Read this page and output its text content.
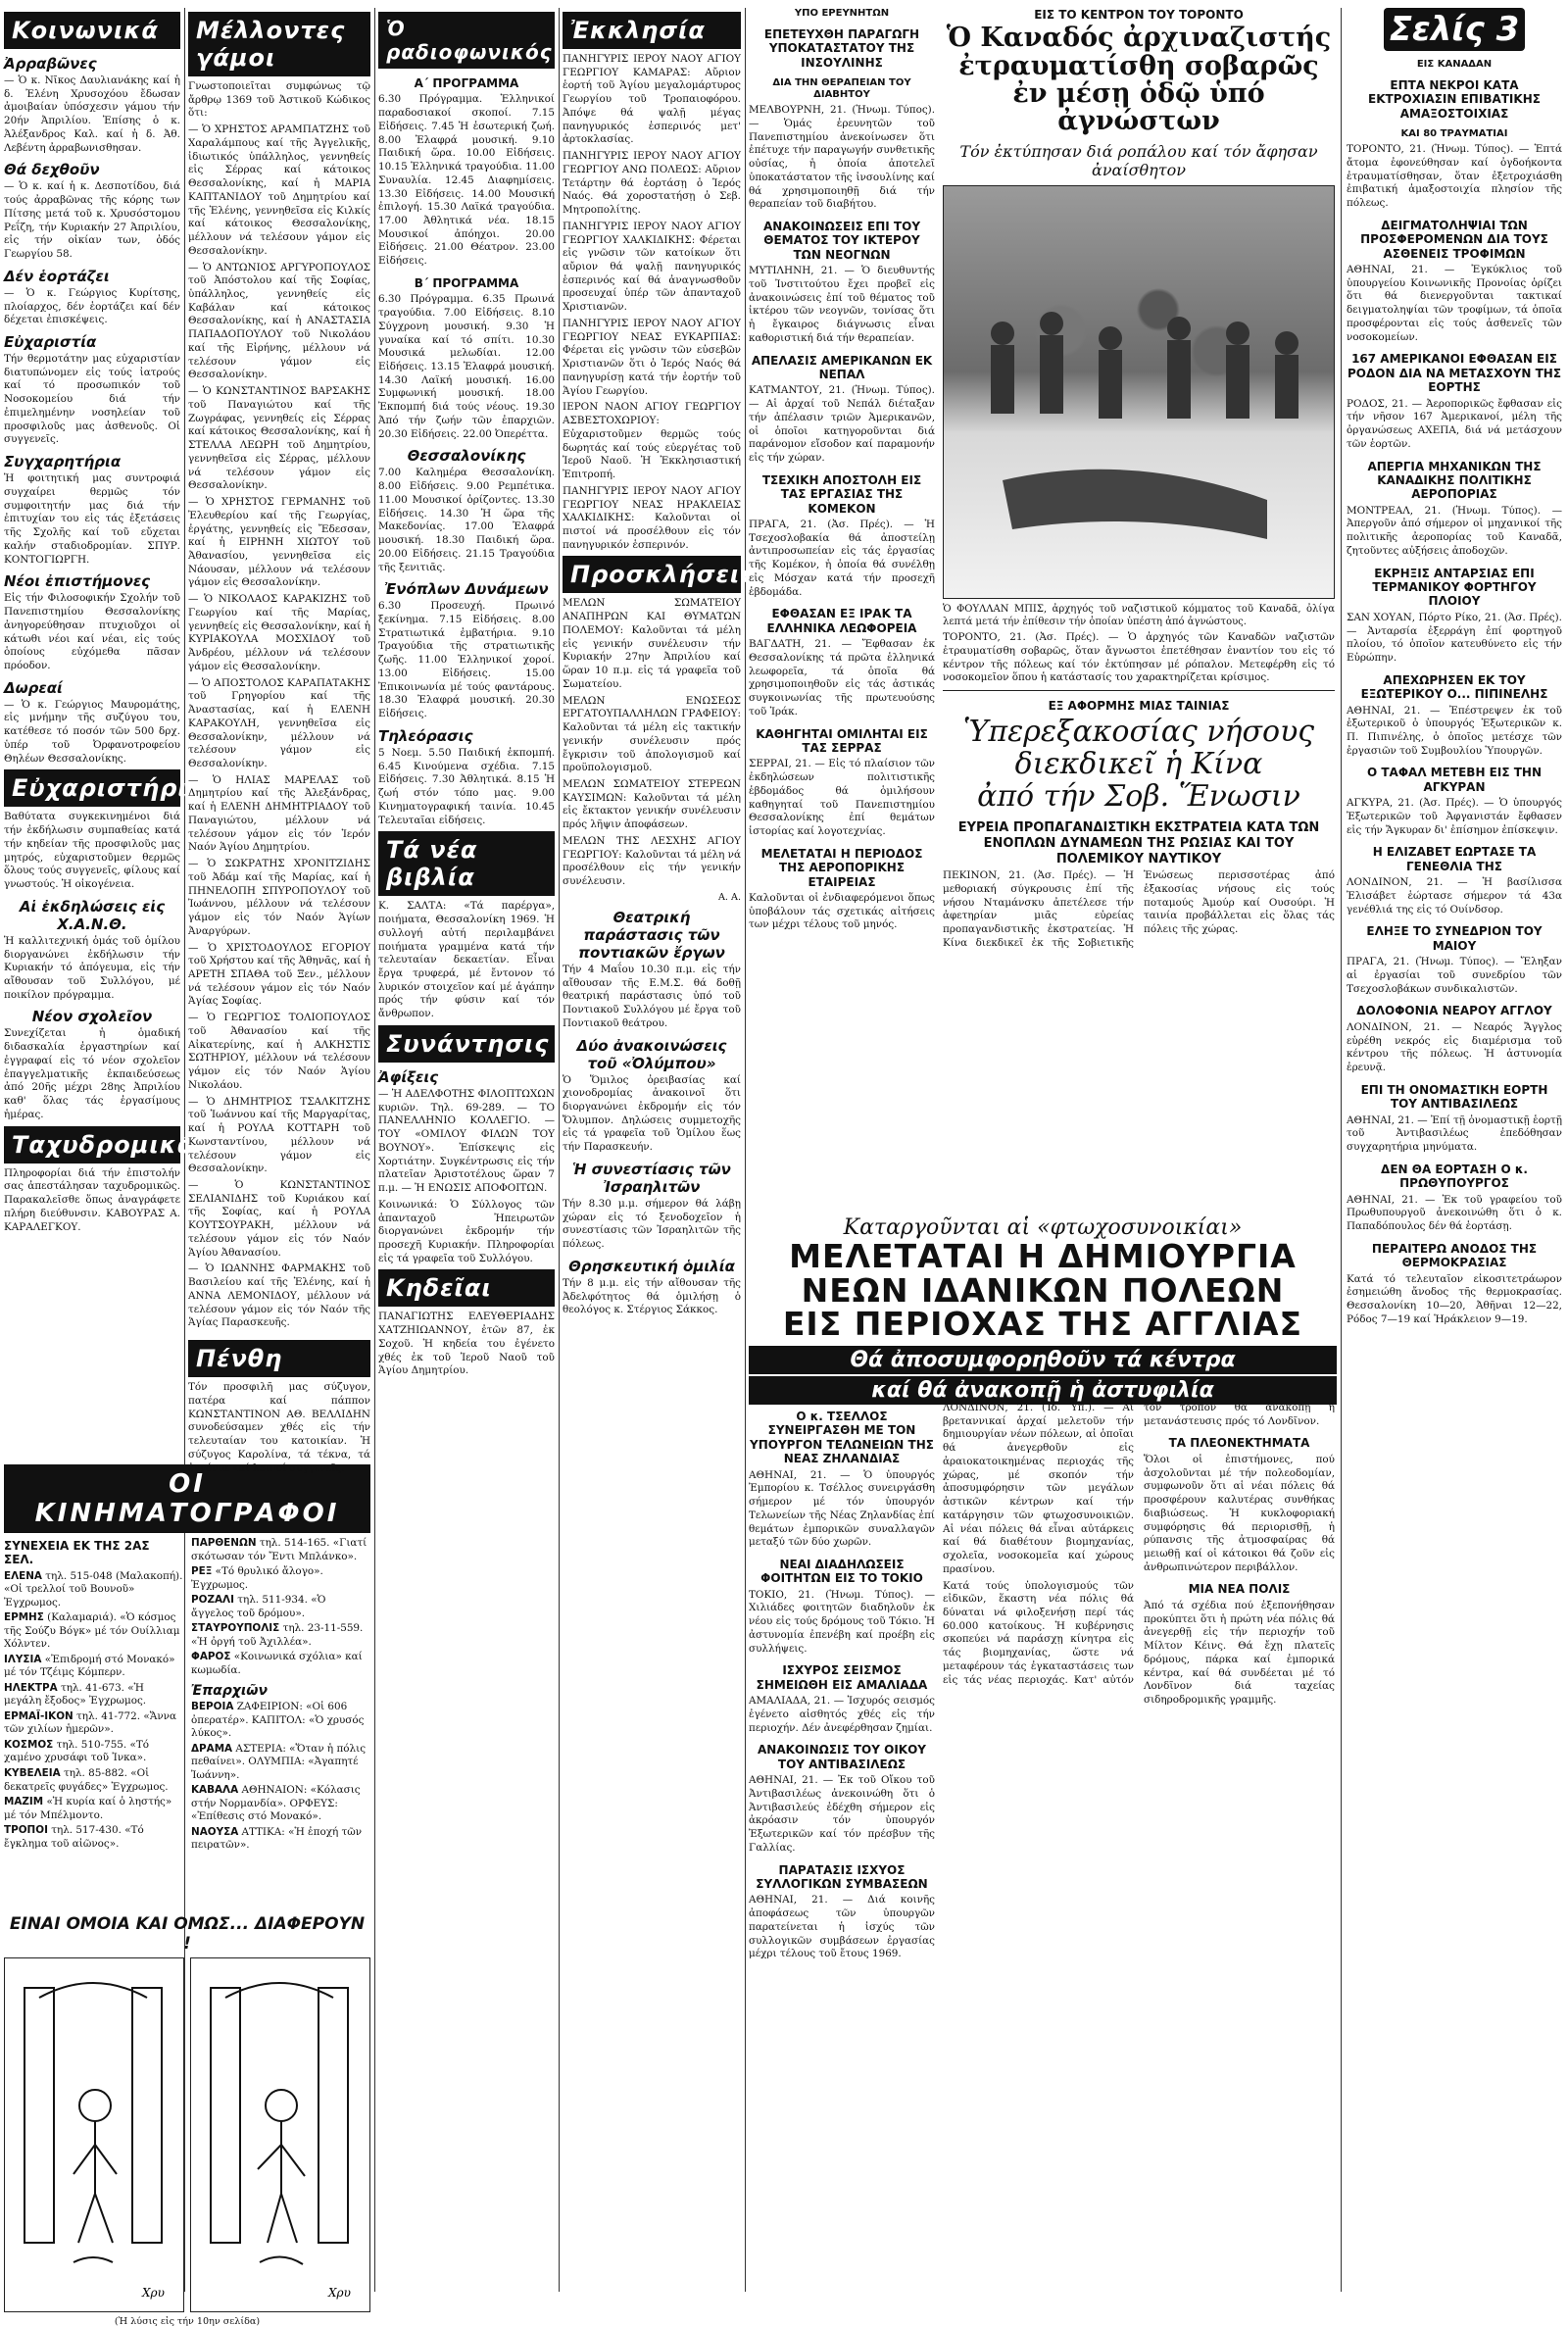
Κοινωνικά
Ἀρραβῶνες

— Ὁ κ. Νῖκος Δαυλιανάκης καί ἡ δ. Ἐλένη Χρυσοχόου ἔδωσαν ἀμοιβαίαν ὑπόσχεσιν γάμου τήν 20ήν Ἀπριλίου. Ἐπίσης ὁ κ. Ἀλέξανδρος Καλ. καί ἡ δ. Ἀθ. Λεβέντη ἀρραβωνισθησαν.

Θά δεχθοῦν

— Ὁ κ. καί ἡ κ. Δεσποτίδου, διά τούς ἀρραβῶνας τῆς κόρης των Πίτσης μετά τοῦ κ. Χρυσόστομου Ρεΐζη, τήν Κυριακήν 27 Ἀπριλίου, εἰς τήν οἰκίαν των, ὁδός Γεωργίου 58.

Δέν ἑορτάζει

— Ὁ κ. Γεώργιος Κυρίτσης, πλοίαρχος, δέν ἑορτάζει καί δέν δέχεται ἐπισκέψεις.

Εὐχαριστία

Τήν θερμοτάτην μας εὐχαριστίαν διατυπώνομεν εἰς τούς ἰατρούς καί τό προσωπικόν τοῦ Νοσοκομείου διά τήν ἐπιμελημένην νοσηλείαν τοῦ προσφιλοῦς μας ἀσθενοῦς. Οἱ συγγενεῖς.

Συγχαρητήρια

Ἡ φοιτητική μας συντροφιά συγχαίρει θερμῶς τόν συμφοιτητήν μας διά τήν ἐπιτυχίαν του εἰς τάς ἐξετάσεις τῆς Σχολῆς καί τοῦ εὔχεται καλήν σταδιοδρομίαν. ΣΠΥΡ. ΚΟΝΤΟΓΙΩΡΓΗ.

Νέοι ἐπιστήμονες

Εἰς τήν Φιλοσοφικήν Σχολήν τοῦ Πανεπιστημίου Θεσσαλονίκης ἀνηγορεύθησαν πτυχιοῦχοι οἱ κάτωθι νέοι καί νέαι, εἰς τούς ὁποίους εὐχόμεθα πᾶσαν πρόοδον.

Δωρεαί

— Ὁ κ. Γεώργιος Μαυρομάτης, εἰς μνήμην τῆς συζύγου του, κατέθεσε τό ποσόν τῶν 500 δρχ. ὑπέρ τοῦ Ὀρφανοτροφείου Θηλέων Θεσσαλονίκης.

Εὐχαριστήρια

Βαθύτατα συγκεκινημένοι διά τήν ἐκδήλωσιν συμπαθείας κατά τήν κηδείαν τῆς προσφιλοῦς μας μητρός, εὐχαριστοῦμεν θερμῶς ὅλους τούς συγγενεῖς, φίλους καί γνωστούς. Ἡ οἰκογένεια.

Αἱ ἐκδηλώσεις εἰς Χ.Α.Ν.Θ.

Ἡ καλλιτεχνική ὁμάς τοῦ ὁμίλου διοργανώνει ἐκδήλωσιν τήν Κυριακήν τό ἀπόγευμα, εἰς τήν αἴθουσαν τοῦ Συλλόγου, μέ ποικίλον πρόγραμμα.

Νέον σχολεῖον

Συνεχίζεται ἡ ὁμαδική διδασκαλία ἐργαστηρίων καί ἐγγραφαί εἰς τό νέον σχολεῖον ἐπαγγελματικῆς ἐκπαιδεύσεως ἀπό 20ῆς μέχρι 28ης Ἀπριλίου καθ' ὅλας τάς ἐργασίμους ἡμέρας.

Ταχυδρομικά

Πληροφορίαι διά τήν ἐπιστολήν σας ἀπεστάλησαν ταχυδρομικῶς. Παρακαλεῖσθε ὅπως ἀναγράφετε πλήρη διεύθυνσιν. ΚΑΒΟΥΡΑΣ Α. ΚΑΡΑΛΕΓΚΟΥ.

ΟΙ ΚΙΝΗΜΑΤΟΓΡΑΦΟΙ
ΣΥΝΕΧΕΙΑ ΕΚ ΤΗΣ 2ΑΣ ΣΕΛ.
ΕΛΕΝΑ τηλ. 515-048 (Μαλακοπή). «Οἱ τρελλοί τοῦ Βουνοῦ» Ἐγχρωμος.
ΕΡΜΗΣ (Καλαμαριά). «Ὁ κόσμος τῆς Σούζυ Βόγκ» μέ τόν Ουίλλιαμ Χόλντεν.
ΙΛΥΣΙΑ «Ἐπιδρομή στό Μονακό» μέ τόν Τζέιμς Κόμπερν.
ΗΛΕΚΤΡΑ τηλ. 41-673. «Ἡ μεγάλη ἔξοδος» Ἐγχρωμος.
ΕΡΜΑΪ-ΙΚΟΝ τηλ. 41-772. «Ἄννα τῶν χιλίων ἡμερῶν».
ΚΟΣΜΟΣ τηλ. 510-755. «Τό χαμένο χρυσάφι τοῦ Ἰνκα».
ΚΥΒΕΛΕΙΑ τηλ. 85-882. «Οἱ δεκατρεῖς φυγάδες» Ἐγχρωμος.
ΜΑΖΙΜ «Ἡ κυρία καί ὁ ληστής» μέ τόν Μπέλμοντο.
ΤΡΟΠΟΙ τηλ. 517-430. «Τό ἔγκλημα τοῦ αἰῶνος».
ΠΑΡΘΕΝΩΝ τηλ. 514-165. «Γιατί σκότωσαν τόν Ἔντι Μπλάνκο».
ΡΕΞ «Τό θρυλικό ἄλογο». Ἐγχρωμος.
ΡΟΖΑΛΙ τηλ. 511-934. «Ὁ ἄγγελος τοῦ δρόμου».
ΣΤΑΥΡΟΥΠΟΛΙΣ τηλ. 23-11-559. «Ἡ ὀργή τοῦ Ἀχιλλέα».
ΦΑΡΟΣ «Κοινωνικά σχόλια» καί κωμωδία.
Ἐπαρχιῶν
ΒΕΡΟΙΑ ΖΑΦΕΙΡΙΟΝ: «Οἱ 606 ὀπερατέρ». ΚΑΠΙΤΟΛ: «Ὁ χρυσός λύκος».
ΔΡΑΜΑ ΑΣΤΕΡΙΑ: «Ὅταν ἡ πόλις πεθαίνει». ΟΛΥΜΠΙΑ: «Ἀγαπητέ Ἰωάννη».
ΚΑΒΑΛΑ ΑΘΗΝΑΙΟΝ: «Κόλασις στήν Νορμανδία». ΟΡΦΕΥΣ: «Ἐπίθεσις στό Μονακό».
ΝΑΟΥΣΑ ΑΤΤΙΚΑ: «Ἡ ἐποχή τῶν πειρατῶν».
ΕΙΝΑΙ ΟΜΟΙΑ ΚΑΙ ΟΜΩΣ... ΔΙΑΦΕΡΟΥΝ !
Χρυ	Χρυ
(Ἡ λύσις εἰς τήν 10ην σελίδα)
Μέλλοντες γάμοι

Γνωστοποιεῖται συμφώνως τῷ ἄρθρῳ 1369 τοῦ Ἀστικοῦ Κώδικος ὅτι:

— Ὁ ΧΡΗΣΤΟΣ ΑΡΑΜΠΑΤΖΗΣ τοῦ Χαραλάμπους καί τῆς Ἀγγελικῆς, ἰδιωτικός ὑπάλληλος, γεννηθείς εἰς Σέρρας καί κάτοικος Θεσσαλονίκης, καί ἡ ΜΑΡΙΑ ΚΑΠΤΑΝΙΔΟΥ τοῦ Δημητρίου καί τῆς Ἑλένης, γεννηθεῖσα εἰς Κιλκίς καί κάτοικος Θεσσαλονίκης, μέλλουν νά τελέσουν γάμον εἰς Θεσσαλονίκην.

— Ὁ ΑΝΤΩΝΙΟΣ ΑΡΓΥΡΟΠΟΥΛΟΣ τοῦ Ἀπόστολου καί τῆς Σοφίας, ὑπάλληλος, γεννηθείς εἰς Καβάλαν καί κάτοικος Θεσσαλονίκης, καί ἡ ΑΝΑΣΤΑΣΙΑ ΠΑΠΑΔΟΠΟΥΛΟΥ τοῦ Νικολάου καί τῆς Εἰρήνης, μέλλουν νά τελέσουν γάμον εἰς Θεσσαλονίκην.

— Ὁ ΚΩΝΣΤΑΝΤΙΝΟΣ ΒΑΡΣΑΚΗΣ τοῦ Παναγιώτου καί τῆς Ζωγράφας, γεννηθείς εἰς Σέρρας καί κάτοικος Θεσσαλονίκης, καί ἡ ΣΤΕΛΛΑ ΛΕΩΡΗ τοῦ Δημητρίου, γεννηθεῖσα εἰς Σέρρας, μέλλουν νά τελέσουν γάμον εἰς Θεσσαλονίκην.

— Ὁ ΧΡΗΣΤΟΣ ΓΕΡΜΑΝΗΣ τοῦ Ἐλευθερίου καί τῆς Γεωργίας, ἐργάτης, γεννηθείς εἰς Ἔδεσσαν, καί ἡ ΕΙΡΗΝΗ ΧΙΩΤΟΥ τοῦ Ἀθανασίου, γεννηθεῖσα εἰς Νάουσαν, μέλλουν νά τελέσουν γάμον εἰς Θεσσαλονίκην.

— Ὁ ΝΙΚΟΛΑΟΣ ΚΑΡΑΚΙΖΗΣ τοῦ Γεωργίου καί τῆς Μαρίας, γεννηθείς εἰς Θεσσαλονίκην, καί ἡ ΚΥΡΙΑΚΟΥΛΑ ΜΟΣΧΙΔΟΥ τοῦ Ἀνδρέου, μέλλουν νά τελέσουν γάμον εἰς Θεσσαλονίκην.

— Ὁ ΑΠΟΣΤΟΛΟΣ ΚΑΡΑΠΑΤΑΚΗΣ τοῦ Γρηγορίου καί τῆς Ἀναστασίας, καί ἡ ΕΛΕΝΗ ΚΑΡΑΚΟΥΛΗ, γεννηθεῖσα εἰς Θεσσαλονίκην, μέλλουν νά τελέσουν γάμον εἰς Θεσσαλονίκην.

— Ὁ ΗΛΙΑΣ ΜΑΡΕΛΑΣ τοῦ Δημητρίου καί τῆς Ἀλεξάνδρας, καί ἡ ΕΛΕΝΗ ΔΗΜΗΤΡΙΑΔΟΥ τοῦ Παναγιώτου, μέλλουν νά τελέσουν γάμον εἰς τόν Ἱερόν Ναόν Ἁγίου Δημητρίου.

— Ὁ ΣΩΚΡΑΤΗΣ ΧΡΟΝΙΤΖΙΔΗΣ τοῦ Ἀδάμ καί τῆς Μαρίας, καί ἡ ΠΗΝΕΛΟΠΗ ΣΠΥΡΟΠΟΥΛΟΥ τοῦ Ἰωάννου, μέλλουν νά τελέσουν γάμον εἰς τόν Ναόν Ἁγίων Ἀναργύρων.

— Ὁ ΧΡΙΣΤΟΔΟΥΛΟΣ ΕΓΟΡΙΟΥ τοῦ Χρήστου καί τῆς Ἀθηνᾶς, καί ἡ ΑΡΕΤΗ ΣΠΑΘΑ τοῦ Ξεν., μέλλουν νά τελέσουν γάμον εἰς τόν Ναόν Ἁγίας Σοφίας.

— Ὁ ΓΕΩΡΓΙΟΣ ΤΟΛΙΟΠΟΥΛΟΣ τοῦ Ἀθανασίου καί τῆς Αἰκατερίνης, καί ἡ ΑΛΚΗΣΤΙΣ ΣΩΤΗΡΙΟΥ, μέλλουν νά τελέσουν γάμον εἰς τόν Ναόν Ἁγίου Νικολάου.

— Ὁ ΔΗΜΗΤΡΙΟΣ ΤΣΑΛΚΙΤΖΗΣ τοῦ Ἰωάννου καί τῆς Μαργαρίτας, καί ἡ ΡΟΥΛΑ ΚΟΤΤΑΡΗ τοῦ Κωνσταντίνου, μέλλουν νά τελέσουν γάμον εἰς Θεσσαλονίκην.

— Ὁ ΚΩΝΣΤΑΝΤΙΝΟΣ ΣΕΛΙΑΝΙΔΗΣ τοῦ Κυριάκου καί τῆς Σοφίας, καί ἡ ΡΟΥΛΑ ΚΟΥΤΣΟΥΡΑΚΗ, μέλλουν νά τελέσουν γάμον εἰς τόν Ναόν Ἁγίου Ἀθανασίου.

— Ὁ ΙΩΑΝΝΗΣ ΦΑΡΜΑΚΗΣ τοῦ Βασιλείου καί τῆς Ἑλένης, καί ἡ ΑΝΝΑ ΛΕΜΟΝΙΔΟΥ, μέλλουν νά τελέσουν γάμον εἰς τόν Ναόν τῆς Ἁγίας Παρασκευῆς.

Πένθη

Τόν προσφιλῆ μας σύζυγον, πατέρα καί πάππον ΚΩΝΣΤΑΝΤΙΝΟΝ ΑΘ. ΒΕΛΛΙΔΗΝ συνοδεύσαμεν χθές εἰς τήν τελευταίαν του κατοικίαν. Ἡ σύζυγος Καρολίνα, τά τέκνα, τά ἐγγόνια καί λοιποί συγγενεῖς.

Ὁ ραδιοφωνικός
Α΄ ΠΡΟΓΡΑΜΜΑ

6.30 Πρόγραμμα. Ἑλληνικοί παραδοσιακοί σκοποί. 7.15 Εἰδήσεις. 7.45 Ἡ ἐσωτερική ζωή. 8.00 Ἐλαφρά μουσική. 9.10 Παιδική ὥρα. 10.00 Εἰδήσεις. 10.15 Ἑλληνικά τραγούδια. 11.00 Συναυλία. 12.45 Διαφημίσεις. 13.30 Εἰδήσεις. 14.00 Μουσική ἐπιλογή. 15.30 Λαϊκά τραγούδια. 17.00 Ἀθλητικά νέα. 18.15 Μουσικοί ἀπόηχοι. 20.00 Εἰδήσεις. 21.00 Θέατρον. 23.00 Εἰδήσεις.

Β΄ ΠΡΟΓΡΑΜΜΑ

6.30 Πρόγραμμα. 6.35 Πρωινά τραγούδια. 7.00 Εἰδήσεις. 8.10 Σύγχρονη μουσική. 9.30 Ἡ γυναίκα καί τό σπίτι. 10.30 Μουσικά μελωδίαι. 12.00 Εἰδήσεις. 13.15 Ἐλαφρά μουσική. 14.30 Λαϊκή μουσική. 16.00 Συμφωνική μουσική. 18.00 Ἐκπομπή διά τούς νέους. 19.30 Ἀπό τήν ζωήν τῶν ἐπαρχιῶν. 20.30 Εἰδήσεις. 22.00 Ὀπερέττα.

Θεσσαλονίκης

7.00 Καλημέρα Θεσσαλονίκη. 8.00 Εἰδήσεις. 9.00 Ρεμπέτικα. 11.00 Μουσικοί ὁρίζοντες. 13.30 Εἰδήσεις. 14.30 Ἡ ὥρα τῆς Μακεδονίας. 17.00 Ἐλαφρά μουσική. 18.30 Παιδική ὥρα. 20.00 Εἰδήσεις. 21.15 Τραγούδια τῆς ξενιτιᾶς.

Ἐνόπλων Δυνάμεων

6.30 Προσευχή. Πρωινό ξεκίνημα. 7.15 Εἰδήσεις. 8.00 Στρατιωτικά ἐμβατήρια. 9.10 Τραγούδια τῆς στρατιωτικῆς ζωῆς. 11.00 Ἑλληνικοί χοροί. 13.00 Εἰδήσεις. 15.00 Ἐπικοινωνία μέ τούς φαντάρους. 18.30 Ἐλαφρά μουσική. 20.30 Εἰδήσεις.

Τηλεόρασις

5 Νοεμ. 5.50 Παιδική ἐκπομπή. 6.45 Κινούμενα σχέδια. 7.15 Εἰδήσεις. 7.30 Ἀθλητικά. 8.15 Ἡ ζωή στόν τόπο μας. 9.00 Κινηματογραφική ταινία. 10.45 Τελευταῖαι εἰδήσεις.

Τά νέα βιβλία

Κ. ΣΑΛΤΑ: «Τά παρέργα», ποιήματα, Θεσσαλονίκη 1969. Ἡ συλλογή αὐτή περιλαμβάνει ποιήματα γραμμένα κατά τήν τελευταίαν δεκαετίαν. Εἶναι ἔργα τρυφερά, μέ ἔντονον τό λυρικόν στοιχεῖον καί μέ ἀγάπην πρός τήν φύσιν καί τόν ἄνθρωπον.

Συνάντησις
Ἀφίξεις

— Ἡ ΑΔΕΛΦΟΤΗΣ ΦΙΛΟΠΤΩΧΩΝ κυριῶν. Τηλ. 69-289. — ΤΟ ΠΑΝΕΛΛΗΝΙΟ ΚΟΛΛΕΓΙΟ. — ΤΟΥ «ΟΜΙΛΟΥ ΦΙΛΩΝ ΤΟΥ ΒΟΥΝΟΥ». Ἐπίσκεψις εἰς Χορτιάτην. Συγκέντρωσις εἰς τήν πλατεῖαν Ἀριστοτέλους ὥραν 7 π.μ. — Ἡ ΕΝΩΣΙΣ ΑΠΟΦΟΙΤΩΝ.

Κοινωνικά: Ὁ Σύλλογος τῶν ἁπανταχοῦ Ἠπειρωτῶν διοργανώνει ἐκδρομήν τήν προσεχῆ Κυριακήν. Πληροφορίαι εἰς τά γραφεῖα τοῦ Συλλόγου.

Κηδεῖαι

ΠΑΝΑΓΙΩΤΗΣ ΕΛΕΥΘΕΡΙΑΔΗΣ ΧΑΤΖΗΙΩΑΝΝΟΥ, ἐτῶν 87, ἐκ Σοχοῦ. Ἡ κηδεία του ἐγένετο χθές ἐκ τοῦ Ἱεροῦ Ναοῦ τοῦ Ἁγίου Δημητρίου.

Ἐκκλησία

ΠΑΝΗΓΥΡΙΣ ΙΕΡΟΥ ΝΑΟΥ ΑΓΙΟΥ ΓΕΩΡΓΙΟΥ ΚΑΜΑΡΑΣ: Αὔριον ἑορτή τοῦ Ἁγίου μεγαλομάρτυρος Γεωργίου τοῦ Τροπαιοφόρου. Ἀπόψε θά ψαλῇ μέγας πανηγυρικός ἑσπερινός μετ' ἀρτοκλασίας.

ΠΑΝΗΓΥΡΙΣ ΙΕΡΟΥ ΝΑΟΥ ΑΓΙΟΥ ΓΕΩΡΓΙΟΥ ΑΝΩ ΠΟΛΕΩΣ: Αὔριον Τετάρτην θά ἑορτάσῃ ὁ Ἱερός Ναός. Θά χοροστατήσῃ ὁ Σεβ. Μητροπολίτης.

ΠΑΝΗΓΥΡΙΣ ΙΕΡΟΥ ΝΑΟΥ ΑΓΙΟΥ ΓΕΩΡΓΙΟΥ ΧΑΛΚΙΔΙΚΗΣ: Φέρεται εἰς γνῶσιν τῶν κατοίκων ὅτι αὔριον θά ψαλῇ πανηγυρικός ἑσπερινός καί θά ἀναγνωσθοῦν προσευχαί ὑπέρ τῶν ἀπανταχοῦ Χριστιανῶν.

ΠΑΝΗΓΥΡΙΣ ΙΕΡΟΥ ΝΑΟΥ ΑΓΙΟΥ ΓΕΩΡΓΙΟΥ ΝΕΑΣ ΕΥΚΑΡΠΙΑΣ: Φέρεται εἰς γνῶσιν τῶν εὐσεβῶν Χριστιανῶν ὅτι ὁ Ἱερός Ναός θά πανηγυρίσῃ κατά τήν ἑορτήν τοῦ Ἁγίου Γεωργίου.

ΙΕΡΟΝ ΝΑΟΝ ΑΓΙΟΥ ΓΕΩΡΓΙΟΥ ΑΣΒΕΣΤΟΧΩΡΙΟΥ: Εὐχαριστοῦμεν θερμῶς τούς δωρητάς καί τούς εὐεργέτας τοῦ Ἱεροῦ Ναοῦ. Ἡ Ἐκκλησιαστική Ἐπιτροπή.

ΠΑΝΗΓΥΡΙΣ ΙΕΡΟΥ ΝΑΟΥ ΑΓΙΟΥ ΓΕΩΡΓΙΟΥ ΝΕΑΣ ΗΡΑΚΛΕΙΑΣ ΧΑΛΚΙΔΙΚΗΣ: Καλοῦνται οἱ πιστοί νά προσέλθουν εἰς τόν πανηγυρικόν ἑσπερινόν.

Προσκλήσεις

ΜΕΛΩΝ ΣΩΜΑΤΕΙΟΥ ΑΝΑΠΗΡΩΝ ΚΑΙ ΘΥΜΑΤΩΝ ΠΟΛΕΜΟΥ: Καλοῦνται τά μέλη εἰς γενικήν συνέλευσιν τήν Κυριακήν 27ην Ἀπριλίου καί ὥραν 10 π.μ. εἰς τά γραφεῖα τοῦ Σωματείου.

ΜΕΛΩΝ ΕΝΩΣΕΩΣ ΕΡΓΑΤΟΥΠΑΛΛΗΛΩΝ ΓΡΑΦΕΙΟΥ: Καλοῦνται τά μέλη εἰς τακτικήν γενικήν συνέλευσιν πρός ἔγκρισιν τοῦ ἀπολογισμοῦ καί προϋπολογισμοῦ.

ΜΕΛΩΝ ΣΩΜΑΤΕΙΟΥ ΣΤΕΡΕΩΝ ΚΑΥΣΙΜΩΝ: Καλοῦνται τά μέλη εἰς ἔκτακτον γενικήν συνέλευσιν πρός λῆψιν ἀποφάσεων.

ΜΕΛΩΝ ΤΗΣ ΛΕΣΧΗΣ ΑΓΙΟΥ ΓΕΩΡΓΙΟΥ: Καλοῦνται τά μέλη νά προσέλθουν εἰς τήν γενικήν συνέλευσιν.

Α. Α.
Θεατρική παράστασις τῶν ποντιακῶν ἔργων

Τήν 4 Μαΐου 10.30 π.μ. εἰς τήν αἴθουσαν τῆς Ε.Μ.Σ. θά δοθῇ θεατρική παράστασις ὑπό τοῦ Ποντιακοῦ Συλλόγου μέ ἔργα τοῦ Ποντιακοῦ θεάτρου.

Δύο ἀνακοινώσεις τοῦ «Ὀλύμπου»

Ὁ Ὅμιλος ὀρειβασίας καί χιονοδρομίας ἀνακοινοῖ ὅτι διοργανώνει ἐκδρομήν εἰς τόν Ὄλυμπον. Δηλώσεις συμμετοχῆς εἰς τά γραφεῖα τοῦ Ὁμίλου ἕως τήν Παρασκευήν.

Ἡ συνεστίασις τῶν Ἰσραηλιτῶν

Τήν 8.30 μ.μ. σήμερον θά λάβῃ χώραν εἰς τό ξενοδοχεῖον ἡ συνεστίασις τῶν Ἰσραηλιτῶν τῆς πόλεως.

Θρησκευτική ὁμιλία

Τήν 8 μ.μ. εἰς τήν αἴθουσαν τῆς Ἀδελφότητος θά ὁμιλήσῃ ὁ θεολόγος κ. Στέργιος Σάκκος.

ΥΠΟ ΕΡΕΥΝΗΤΩΝ
ΕΠΕΤΕΥΧΘΗ ΠΑΡΑΓΩΓΗ ΥΠΟΚΑΤΑΣΤΑΤΟΥ ΤΗΣ ΙΝΣΟΥΛΙΝΗΣ
ΔΙΑ ΤΗΝ ΘΕΡΑΠΕΙΑΝ ΤΟΥ ΔΙΑΒΗΤΟΥ

ΜΕΛΒΟΥΡΝΗ, 21. (Ἡνωμ. Τύπος). — Ὁμάς ἐρευνητῶν τοῦ Πανεπιστημίου ἀνεκοίνωσεν ὅτι ἐπέτυχε τήν παραγωγήν συνθετικῆς οὐσίας, ἡ ὁποία ἀποτελεῖ ὑποκατάστατον τῆς ἰνσουλίνης καί θά χρησιμοποιηθῇ διά τήν θεραπείαν τοῦ διαβήτου.

ΑΝΑΚΟΙΝΩΣΕΙΣ ΕΠΙ ΤΟΥ ΘΕΜΑΤΟΣ ΤΟΥ ΙΚΤΕΡΟΥ ΤΩΝ ΝΕΟΓΝΩΝ

ΜΥΤΙΛΗΝΗ, 21. — Ὁ διευθυντής τοῦ Ἰνστιτούτου ἔχει προβεῖ εἰς ἀνακοινώσεις ἐπί τοῦ θέματος τοῦ ἰκτέρου τῶν νεογνῶν, τονίσας ὅτι ἡ ἔγκαιρος διάγνωσις εἶναι καθοριστική διά τήν θεραπείαν.

ΑΠΕΛΑΣΙΣ ΑΜΕΡΙΚΑΝΩΝ ΕΚ ΝΕΠΑΛ

ΚΑΤΜΑΝΤΟΥ, 21. (Ἡνωμ. Τύπος). — Αἱ ἀρχαί τοῦ Νεπάλ διέταξαν τήν ἀπέλασιν τριῶν Ἀμερικανῶν, οἱ ὁποῖοι κατηγοροῦνται διά παράνομον εἴσοδον καί παραμονήν εἰς τήν χώραν.

ΤΣΕΧΙΚΗ ΑΠΟΣΤΟΛΗ ΕΙΣ ΤΑΣ ΕΡΓΑΣΙΑΣ ΤΗΣ ΚΟΜΕΚΟΝ

ΠΡΑΓΑ, 21. (Ἀσ. Πρές). — Ἡ Τσεχοσλοβακία θά ἀποστείλῃ ἀντιπροσωπείαν εἰς τάς ἐργασίας τῆς Κομέκον, ἡ ὁποία θά συνέλθῃ εἰς Μόσχαν κατά τήν προσεχῆ ἑβδομάδα.

ΕΦΘΑΣΑΝ ΕΞ ΙΡΑΚ ΤΑ ΕΛΛΗΝΙΚΑ ΛΕΩΦΟΡΕΙΑ

ΒΑΓΔΑΤΗ, 21. — Ἔφθασαν ἐκ Θεσσαλονίκης τά πρῶτα ἑλληνικά λεωφορεῖα, τά ὁποῖα θά χρησιμοποιηθοῦν εἰς τάς ἀστικάς συγκοινωνίας τῆς πρωτευούσης τοῦ Ἰράκ.

ΚΑΘΗΓΗΤΑΙ ΟΜΙΛΗΤΑΙ ΕΙΣ ΤΑΣ ΣΕΡΡΑΣ

ΣΕΡΡΑΙ, 21. — Εἰς τό πλαίσιον τῶν ἐκδηλώσεων πολιτιστικῆς ἑβδομάδος θά ὁμιλήσουν καθηγηταί τοῦ Πανεπιστημίου Θεσσαλονίκης ἐπί θεμάτων ἱστορίας καί λογοτεχνίας.

ΜΕΛΕΤΑΤΑΙ Η ΠΕΡΙΟΔΟΣ ΤΗΣ ΑΕΡΟΠΟΡΙΚΗΣ ΕΤΑΙΡΕΙΑΣ

Καλοῦνται οἱ ἐνδιαφερόμενοι ὅπως ὑποβάλουν τάς σχετικάς αἰτήσεις των μέχρι τέλους τοῦ μηνός.

ΕΙΣ ΤΟ ΚΕΝΤΡΟΝ ΤΟΥ ΤΟΡΟΝΤΟ
Ὁ Καναδός ἀρχιναζιστής
ἐτραυματίσθη σοβαρῶς
ἐν μέσῃ ὁδῷ ὑπό ἀγνώστων
Τόν ἐκτύπησαν διά ροπάλου καί τόν ἄφησαν ἀναίσθητον

Ὁ ΦΟΥΛΛΑΝ ΜΠΙΣ, ἀρχηγός τοῦ ναζιστικοῦ κόμματος τοῦ Καναδᾶ, ὀλίγα λεπτά μετά τήν ἐπίθεσιν τήν ὁποίαν ὑπέστη ἀπό ἀγνώστους.

ΤΟΡΟΝΤΟ, 21. (Ἀσ. Πρές). — Ὁ ἀρχηγός τῶν Καναδῶν ναζιστῶν ἐτραυματίσθη σοβαρῶς, ὅταν ἄγνωστοι ἐπετέθησαν ἐναντίον του εἰς τό κέντρον τῆς πόλεως καί τόν ἐκτύπησαν μέ ρόπαλον. Μετεφέρθη εἰς τό νοσοκομεῖον ὅπου ἡ κατάστασίς του χαρακτηρίζεται κρίσιμος.

ΕΞ ΑΦΟΡΜΗΣ ΜΙΑΣ ΤΑΙΝΙΑΣ
Ὑπερεξακοσίας νήσους
διεκδικεῖ ἡ Κίνα
ἀπό τήν Σοβ. Ἕνωσιν
ΕΥΡΕΙΑ ΠΡΟΠΑΓΑΝΔΙΣΤΙΚΗ ΕΚΣΤΡΑΤΕΙΑ ΚΑΤΑ ΤΩΝ ΕΝΟΠΛΩΝ ΔΥΝΑΜΕΩΝ ΤΗΣ ΡΩΣΙΑΣ ΚΑΙ ΤΟΥ ΠΟΛΕΜΙΚΟΥ ΝΑΥΤΙΚΟΥ

ΠΕΚΙΝΟΝ, 21. (Ἀσ. Πρές). — Ἡ μεθοριακή σύγκρουσις ἐπί τῆς νήσου Νταμάνσκυ ἀπετέλεσε τήν ἀφετηρίαν μιᾶς εὐρείας προπαγανδιστικῆς ἐκστρατείας. Ἡ Κίνα διεκδικεῖ ἐκ τῆς Σοβιετικῆς Ἑνώσεως περισσοτέρας ἀπό ἑξακοσίας νήσους εἰς τούς ποταμούς Ἀμούρ καί Ουσούρι. Ἡ ταινία προβάλλεται εἰς ὅλας τάς πόλεις τῆς χώρας.

Καταργοῦνται αἱ «φτωχοσυνοικίαι»
ΜΕΛΕΤΑΤΑΙ Η ΔΗΜΙΟΥΡΓΙΑ
ΝΕΩΝ ΙΔΑΝΙΚΩΝ ΠΟΛΕΩΝ
ΕΙΣ ΠΕΡΙΟΧΑΣ ΤΗΣ ΑΓΓΛΙΑΣ
Θά ἀποσυμφορηθοῦν τά κέντρα
καί θά ἀνακοπῇ ἡ ἀστυφιλία
Ο κ. ΤΣΕΛΛΟΣ ΣΥΝΕΙΡΓΑΣΘΗ ΜΕ ΤΟΝ ΥΠΟΥΡΓΟΝ ΤΕΛΩΝΕΙΩΝ ΤΗΣ ΝΕΑΣ ΖΗΛΑΝΔΙΑΣ

ΑΘΗΝΑΙ, 21. — Ὁ ὑπουργός Ἐμπορίου κ. Τσέλλος συνειργάσθη σήμερον μέ τόν ὑπουργόν Τελωνείων τῆς Νέας Ζηλανδίας ἐπί θεμάτων ἐμπορικῶν συναλλαγῶν μεταξύ τῶν δύο χωρῶν.

ΝΕΑΙ ΔΙΑΔΗΛΩΣΕΙΣ ΦΟΙΤΗΤΩΝ ΕΙΣ ΤΟ ΤΟΚΙΟ

ΤΟΚΙΟ, 21. (Ἡνωμ. Τύπος). — Χιλιάδες φοιτητῶν διαδηλοῦν ἐκ νέου εἰς τούς δρόμους τοῦ Τόκιο. Ἡ ἀστυνομία ἐπενέβη καί προέβη εἰς συλλήψεις.

ΙΣΧΥΡΟΣ ΣΕΙΣΜΟΣ ΣΗΜΕΙΩΘΗ ΕΙΣ ΑΜΑΛΙΑΔΑ

ΑΜΑΛΙΑΔΑ, 21. — Ἰσχυρός σεισμός ἐγένετο αἰσθητός χθές εἰς τήν περιοχήν. Δέν ἀνεφέρθησαν ζημίαι.

ΑΝΑΚΟΙΝΩΣΙΣ ΤΟΥ ΟΙΚΟΥ ΤΟΥ ΑΝΤΙΒΑΣΙΛΕΩΣ

ΑΘΗΝΑΙ, 21. — Ἐκ τοῦ Οἴκου τοῦ Ἀντιβασιλέως ἀνεκοινώθη ὅτι ὁ Ἀντιβασιλεύς ἐδέχθη σήμερον εἰς ἀκρόασιν τόν ὑπουργόν Ἐξωτερικῶν καί τόν πρέσβυν τῆς Γαλλίας.

ΠΑΡΑΤΑΣΙΣ ΙΣΧΥΟΣ ΣΥΛΛΟΓΙΚΩΝ ΣΥΜΒΑΣΕΩΝ

ΑΘΗΝΑΙ, 21. — Διά κοινῆς ἀποφάσεως τῶν ὑπουργῶν παρατείνεται ἡ ἰσχύς τῶν συλλογικῶν συμβάσεων ἐργασίας μέχρι τέλους τοῦ ἔτους 1969.

ΛΟΝΔΙΝΟΝ, 21. (Ἰδ. Ὑπ.). — Αἱ βρεταννικαί ἀρχαί μελετοῦν τήν δημιουργίαν νέων πόλεων, αἱ ὁποῖαι θά ἀνεγερθοῦν εἰς ἀραιοκατοικημένας περιοχάς τῆς χώρας, μέ σκοπόν τήν ἀποσυμφόρησιν τῶν μεγάλων ἀστικῶν κέντρων καί τήν κατάργησιν τῶν φτωχοσυνοικιῶν. Αἱ νέαι πόλεις θά εἶναι αὐτάρκεις καί θά διαθέτουν βιομηχανίας, σχολεῖα, νοσοκομεῖα καί χώρους πρασίνου.

Κατά τούς ὑπολογισμούς τῶν εἰδικῶν, ἕκαστη νέα πόλις θά δύναται νά φιλοξενήσῃ περί τάς 60.000 κατοίκους. Ἡ κυβέρνησις σκοπεύει νά παράσχῃ κίνητρα εἰς τάς βιομηχανίας, ὥστε νά μεταφέρουν τάς ἐγκαταστάσεις των εἰς τάς νέας περιοχάς. Κατ' αὐτόν τόν τρόπον θά ἀνακοπῇ ἡ μετανάστευσις πρός τό Λονδῖνον.

ΤΑ ΠΛΕΟΝΕΚΤΗΜΑΤΑ

Ὅλοι οἱ ἐπιστήμονες, πού ἀσχολοῦνται μέ τήν πολεοδομίαν, συμφωνοῦν ὅτι αἱ νέαι πόλεις θά προσφέρουν καλυτέρας συνθήκας διαβιώσεως. Ἡ κυκλοφοριακή συμφόρησις θά περιορισθῇ, ἡ ρύπανσις τῆς ἀτμοσφαίρας θά μειωθῇ καί οἱ κάτοικοι θά ζοῦν εἰς ἀνθρωπινώτερον περιβάλλον.

ΜΙΑ ΝΕΑ ΠΟΛΙΣ

Ἀπό τά σχέδια πού ἐξεπονήθησαν προκύπτει ὅτι ἡ πρώτη νέα πόλις θά ἀνεγερθῇ εἰς τήν περιοχήν τοῦ Μίλτον Κέινς. Θά ἔχῃ πλατεῖς δρόμους, πάρκα καί ἐμπορικά κέντρα, καί θά συνδέεται μέ τό Λονδῖνον διά ταχείας σιδηροδρομικῆς γραμμῆς.

Σελίς 3
ΕΙΣ ΚΑΝΑΔΑΝ
ΕΠΤΑ ΝΕΚΡΟΙ ΚΑΤΑ ΕΚΤΡΟΧΙΑΣΙΝ ΕΠΙΒΑΤΙΚΗΣ ΑΜΑΞΟΣΤΟΙΧΙΑΣ
ΚΑΙ 80 ΤΡΑΥΜΑΤΙΑΙ

ΤΟΡΟΝΤΟ, 21. (Ἡνωμ. Τύπος). — Ἑπτά ἄτομα ἐφονεύθησαν καί ὀγδοήκοντα ἐτραυματίσθησαν, ὅταν ἐξετροχιάσθη ἐπιβατική ἀμαξοστοιχία πλησίον τῆς πόλεως.

ΔΕΙΓΜΑΤΟΛΗΨΙΑΙ ΤΩΝ ΠΡΟΣΦΕΡΟΜΕΝΩΝ ΔΙΑ ΤΟΥΣ ΑΣΘΕΝΕΙΣ ΤΡΟΦΙΜΩΝ

ΑΘΗΝΑΙ, 21. — Ἐγκύκλιος τοῦ ὑπουργείου Κοινωνικῆς Προνοίας ὁρίζει ὅτι θά διενεργοῦνται τακτικαί δειγματοληψίαι τῶν τροφίμων, τά ὁποῖα προσφέρονται εἰς τούς ἀσθενεῖς τῶν νοσοκομείων.

167 ΑΜΕΡΙΚΑΝΟΙ ΕΦΘΑΣΑΝ ΕΙΣ ΡΟΔΟΝ ΔΙΑ ΝΑ ΜΕΤΑΣΧΟΥΝ ΤΗΣ ΕΟΡΤΗΣ

ΡΟΔΟΣ, 21. — Ἀεροπορικῶς ἔφθασαν εἰς τήν νῆσον 167 Ἀμερικανοί, μέλη τῆς ὀργανώσεως ΑΧΕΠΑ, διά νά μετάσχουν τῶν ἑορτῶν.

ΑΠΕΡΓΙΑ ΜΗΧΑΝΙΚΩΝ ΤΗΣ ΚΑΝΑΔΙΚΗΣ ΠΟΛΙΤΙΚΗΣ ΑΕΡΟΠΟΡΙΑΣ

ΜΟΝΤΡΕΑΛ, 21. (Ἡνωμ. Τύπος). — Ἀπεργοῦν ἀπό σήμερον οἱ μηχανικοί τῆς πολιτικῆς ἀεροπορίας τοῦ Καναδᾶ, ζητοῦντες αὐξήσεις ἀποδοχῶν.

ΕΚΡΗΞΙΣ ΑΝΤΑΡΣΙΑΣ ΕΠΙ ΤΕΡΜΑΝΙΚΟΥ ΦΟΡΤΗΓΟΥ ΠΛΟΙΟΥ

ΣΑΝ ΧΟΥΑΝ, Πόρτο Ρίκο, 21. (Ἀσ. Πρές). — Ἀνταρσία ἐξερράγη ἐπί φορτηγοῦ πλοίου, τό ὁποῖον κατευθύνετο εἰς τήν Εὐρώπην.

ΑΠΕΧΩΡΗΣΕΝ ΕΚ ΤΟΥ ΕΞΩΤΕΡΙΚΟΥ Ο... ΠΙΠΙΝΕΛΗΣ

ΑΘΗΝΑΙ, 21. — Ἐπέστρεψεν ἐκ τοῦ ἐξωτερικοῦ ὁ ὑπουργός Ἐξωτερικῶν κ. Π. Πιπινέλης, ὁ ὁποῖος μετέσχε τῶν ἐργασιῶν τοῦ Συμβουλίου Ὑπουργῶν.

Ο ΤΑΦΑΛ ΜΕΤΕΒΗ ΕΙΣ ΤΗΝ ΑΓΚΥΡΑΝ

ΑΓΚΥΡΑ, 21. (Ἀσ. Πρές). — Ὁ ὑπουργός Ἐξωτερικῶν τοῦ Ἀφγανιστάν ἔφθασεν εἰς τήν Ἄγκυραν δι' ἐπίσημον ἐπίσκεψιν.

Η ΕΛΙΖΑΒΕΤ ΕΩΡΤΑΣΕ ΤΑ ΓΕΝΕΘΛΙΑ ΤΗΣ

ΛΟΝΔΙΝΟΝ, 21. — Ἡ βασίλισσα Ἐλισάβετ ἑώρτασε σήμερον τά 43α γενέθλιά της εἰς τό Ουίνδσορ.

ΕΛΗΞΕ ΤΟ ΣΥΝΕΔΡΙΟΝ ΤΟΥ ΜΑΙΟΥ

ΠΡΑΓΑ, 21. (Ἡνωμ. Τύπος). — Ἔληξαν αἱ ἐργασίαι τοῦ συνεδρίου τῶν Τσεχοσλοβάκων συνδικαλιστῶν.

ΔΟΛΟΦΟΝΙΑ ΝΕΑΡΟΥ ΑΓΓΛΟΥ

ΛΟΝΔΙΝΟΝ, 21. — Νεαρός Ἄγγλος εὑρέθη νεκρός εἰς διαμέρισμα τοῦ κέντρου τῆς πόλεως. Ἡ ἀστυνομία ἐρευνᾷ.

ΕΠΙ ΤΗ ΟΝΟΜΑΣΤΙΚΗ ΕΟΡΤΗ ΤΟΥ ΑΝΤΙΒΑΣΙΛΕΩΣ

ΑΘΗΝΑΙ, 21. — Ἐπί τῇ ὀνομαστικῇ ἑορτῇ τοῦ Ἀντιβασιλέως ἐπεδόθησαν συγχαρητήρια μηνύματα.

ΔΕΝ ΘΑ ΕΟΡΤΑΣΗ Ο κ. ΠΡΩΘΥΠΟΥΡΓΟΣ

ΑΘΗΝΑΙ, 21. — Ἐκ τοῦ γραφείου τοῦ Πρωθυπουργοῦ ἀνεκοινώθη ὅτι ὁ κ. Παπαδόπουλος δέν θά ἑορτάσῃ.

ΠΕΡΑΙΤΕΡΩ ΑΝΟΔΟΣ ΤΗΣ ΘΕΡΜΟΚΡΑΣΙΑΣ

Κατά τό τελευταῖον εἰκοσιτετράωρον ἐσημειώθη ἄνοδος τῆς θερμοκρασίας. Θεσσαλονίκη 10—20, Ἀθῆναι 12—22, Ρόδος 7—19 καί Ἡράκλειον 9—19.
